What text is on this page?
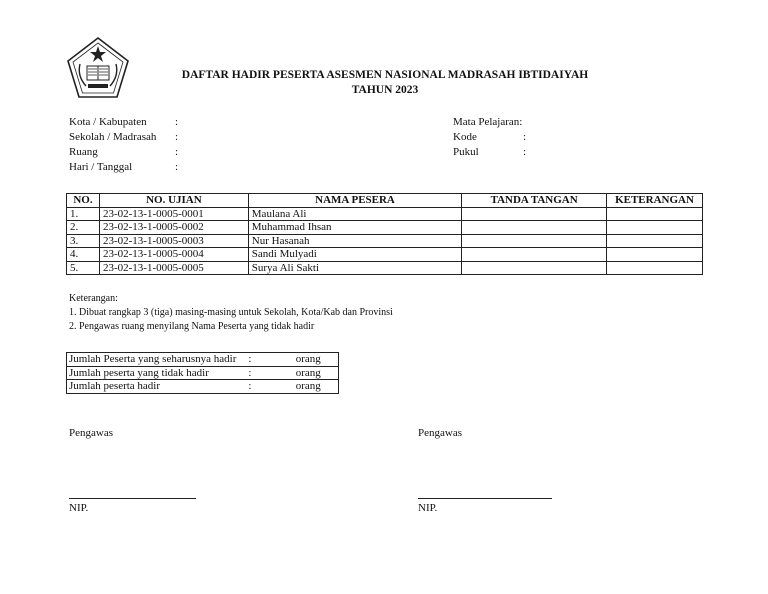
DAFTAR HADIR PESERTA ASESMEN NASIONAL MADRASAH IBTIDAIYAH
TAHUN 2023
Kota / Kabupaten	:
Sekolah / Madrasah	:
Ruang	:
Hari / Tanggal	:
Mata Pelajaran :
Kode	:
Pukul	:
NO.	NO. UJIAN	NAMA PESERA	TANDA TANGAN	KETERANGAN
1.	23-02-13-1-0005-0001	Maulana Ali		
2.	23-02-13-1-0005-0002	Muhammad Ihsan		
3.	23-02-13-1-0005-0003	Nur Hasanah		
4.	23-02-13-1-0005-0004	Sandi Mulyadi		
5.	23-02-13-1-0005-0005	Surya Ali Sakti		
Keterangan:
1. Dibuat rangkap 3 (tiga) masing-masing untuk Sekolah, Kota/Kab dan Provinsi
2. Pengawas ruang menyilang Nama Peserta yang tidak hadir
Jumlah Peserta yang seharusnya hadir	:	orang
Jumlah peserta yang tidak hadir	:	orang
Jumlah peserta hadir	:	orang
Pengawas	Pengawas
NIP.	NIP.
